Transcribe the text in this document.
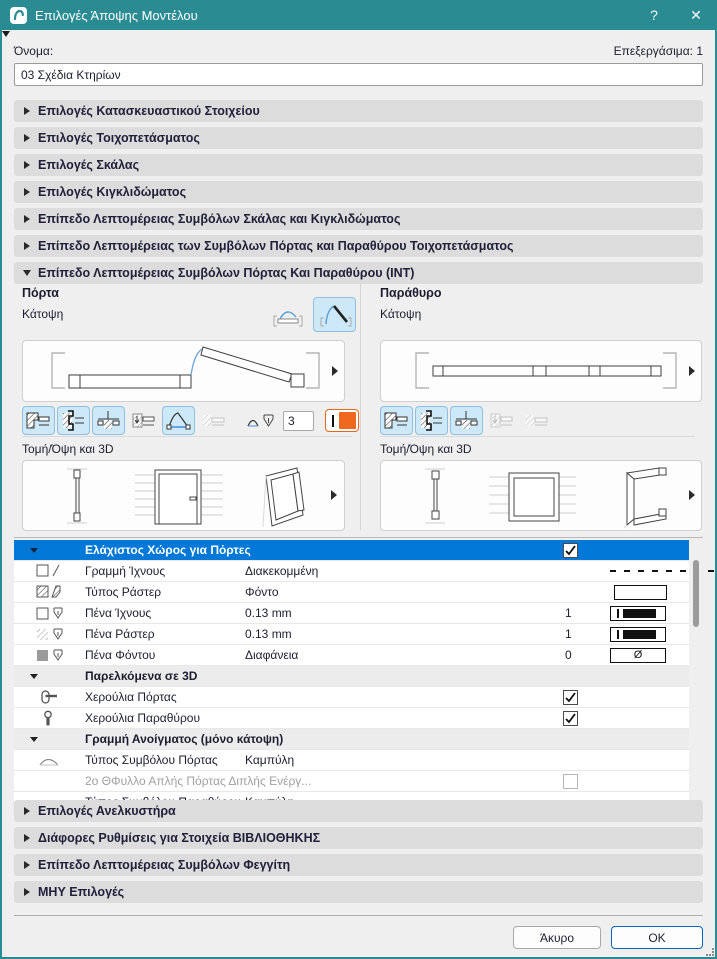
Επιλογές Άποψης Μοντέλου	?	✕
Όνομα:	Επεξεργάσιμα: 1
03 Σχέδια Κτηρίων
Επιλογές Κατασκευαστικού Στοιχείου
Επιλογές Τοιχοπετάσματος
Επιλογές Σκάλας
Επιλογές Κιγκλιδώματος
Επίπεδο Λεπτομέρειας Συμβόλων Σκάλας και Κιγκλιδώματος
Επίπεδο Λεπτομέρειας των Συμβόλων Πόρτας και Παραθύρου Τοιχοπετάσματος
Επίπεδο Λεπτομέρειας Συμβόλων Πόρτας Και Παραθύρου (INT)
Πόρτα
Κάτοψη
3
Τομή/Όψη και 3D
Παράθυρο
Κάτοψη
Τομή/Όψη και 3D
Ελάχιστος Χώρος για Πόρτες
Γραμμή Ίχνους	Διακεκομμένη
Τύπος Ράστερ	Φόντο
Πένα Ίχνους	0.13 mm	1
Πένα Ράστερ	0.13 mm	1
Πένα Φόντου	Διαφάνεια	0	Ø
Παρελκόμενα σε 3D
Χερούλια Πόρτας
Χερούλια Παραθύρου
Γραμμή Ανοίγματος (μόνο κάτοψη)
Τύπος Συμβόλου Πόρτας Καμπύλη
2ο ΘΦυλλο Απλής Πόρτας Διπλής Ενέργ...
Επιλογές Ανελκυστήρα
Διάφορες Ρυθμίσεις για Στοιχεία ΒΙΒΛΙΟΘΗΚΗΣ
Επίπεδο Λεπτομέρειας Συμβόλων Φεγγίτη
ΜΗΥ Επιλογές
Άκυρο	OK
